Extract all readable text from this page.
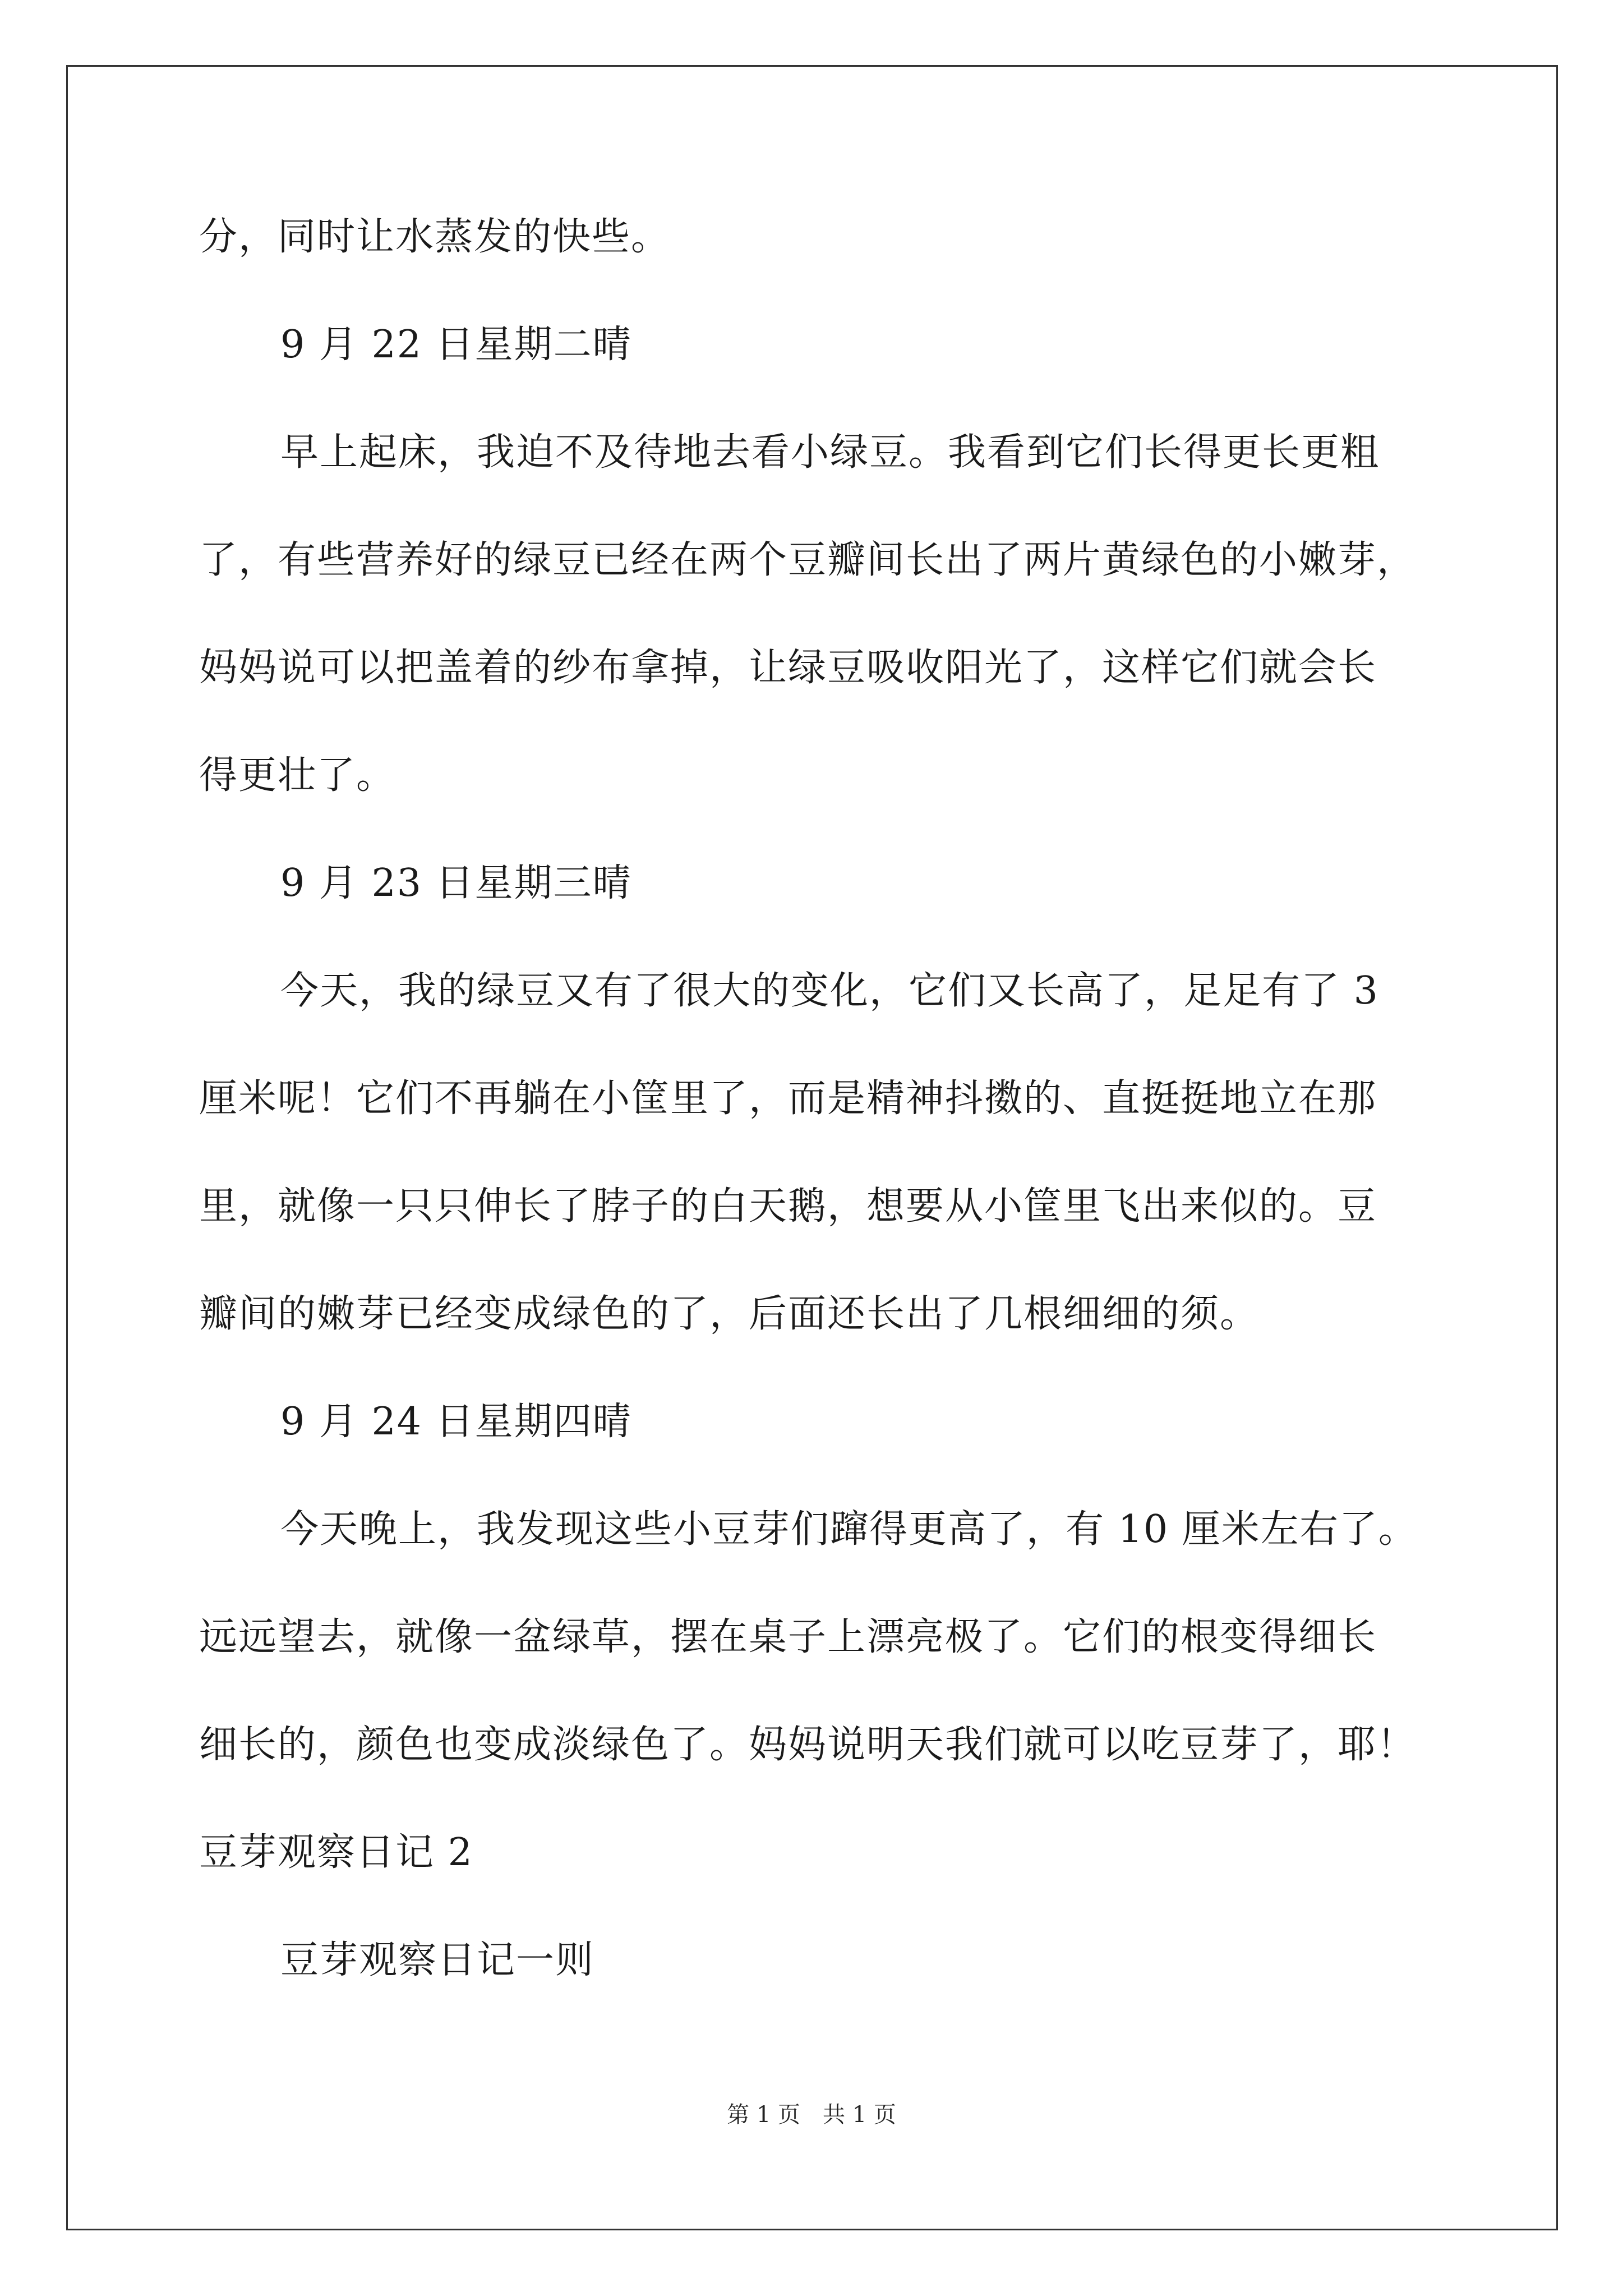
分，同时让水蒸发的快些。
9 月 22 日星期二晴
早上起床，我迫不及待地去看小绿豆。我看到它们长得更长更粗
了，有些营养好的绿豆已经在两个豆瓣间长出了两片黄绿色的小嫩芽，
妈妈说可以把盖着的纱布拿掉，让绿豆吸收阳光了，这样它们就会长
得更壮了。
9 月 23 日星期三晴
今天，我的绿豆又有了很大的变化，它们又长高了，足足有了 3
厘米呢！它们不再躺在小筐里了，而是精神抖擞的、直挺挺地立在那
里，就像一只只伸长了脖子的白天鹅，想要从小筐里飞出来似的。豆
瓣间的嫩芽已经变成绿色的了，后面还长出了几根细细的须。
9 月 24 日星期四晴
今天晚上，我发现这些小豆芽们蹿得更高了，有 10 厘米左右了。
远远望去，就像一盆绿草，摆在桌子上漂亮极了。它们的根变得细长
细长的，颜色也变成淡绿色了。妈妈说明天我们就可以吃豆芽了，耶！
豆芽观察日记 2
豆芽观察日记一则
第 1 页　共 1 页
